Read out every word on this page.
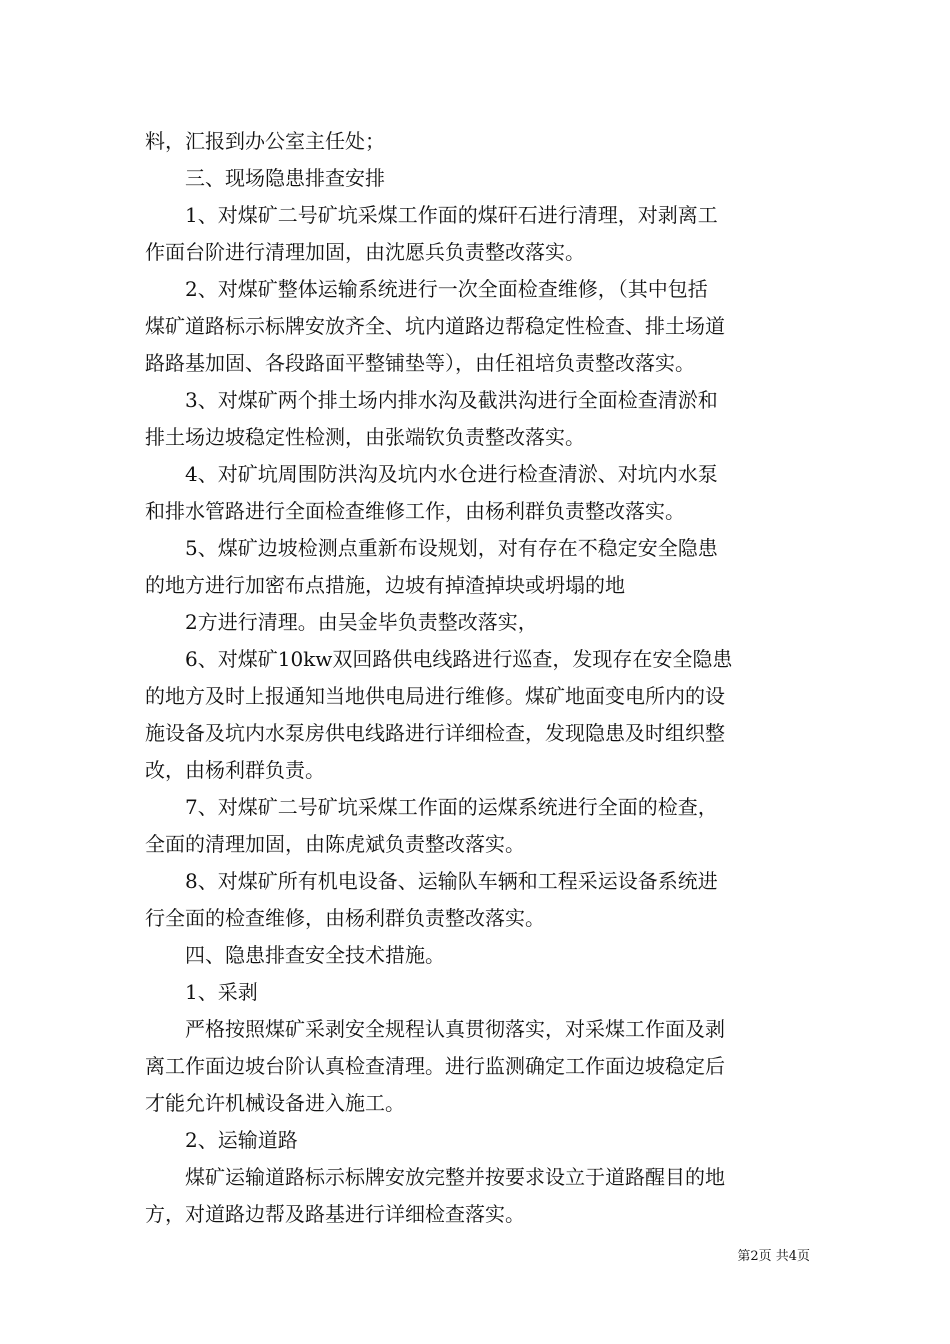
料，汇报到办公室主任处；
　　三、现场隐患排查安排
　　1、对煤矿二号矿坑采煤工作面的煤矸石进行清理，对剥离工
作面台阶进行清理加固，由沈愿兵负责整改落实。
　　2、对煤矿整体运输系统进行一次全面检查维修，（其中包括
煤矿道路标示标牌安放齐全、坑内道路边帮稳定性检查、排土场道
路路基加固、各段路面平整铺垫等），由任祖培负责整改落实。
　　3、对煤矿两个排土场内排水沟及截洪沟进行全面检查清淤和
排土场边坡稳定性检测，由张端钦负责整改落实。
　　4、对矿坑周围防洪沟及坑内水仓进行检查清淤、对坑内水泵
和排水管路进行全面检查维修工作，由杨利群负责整改落实。
　　5、煤矿边坡检测点重新布设规划，对有存在不稳定安全隐患
的地方进行加密布点措施，边坡有掉渣掉块或坍塌的地
　　2方进行清理。由吴金毕负责整改落实，
　　6、对煤矿10kw双回路供电线路进行巡查，发现存在安全隐患
的地方及时上报通知当地供电局进行维修。煤矿地面变电所内的设
施设备及坑内水泵房供电线路进行详细检查，发现隐患及时组织整
改，由杨利群负责。
　　7、对煤矿二号矿坑采煤工作面的运煤系统进行全面的检查，
全面的清理加固，由陈虎斌负责整改落实。
　　8、对煤矿所有机电设备、运输队车辆和工程采运设备系统进
行全面的检查维修，由杨利群负责整改落实。
　　四、隐患排查安全技术措施。
　　1、采剥
　　严格按照煤矿采剥安全规程认真贯彻落实，对采煤工作面及剥
离工作面边坡台阶认真检查清理。进行监测确定工作面边坡稳定后
才能允许机械设备进入施工。
　　2、运输道路
　　煤矿运输道路标示标牌安放完整并按要求设立于道路醒目的地
方，对道路边帮及路基进行详细检查落实。
第2页 共4页
